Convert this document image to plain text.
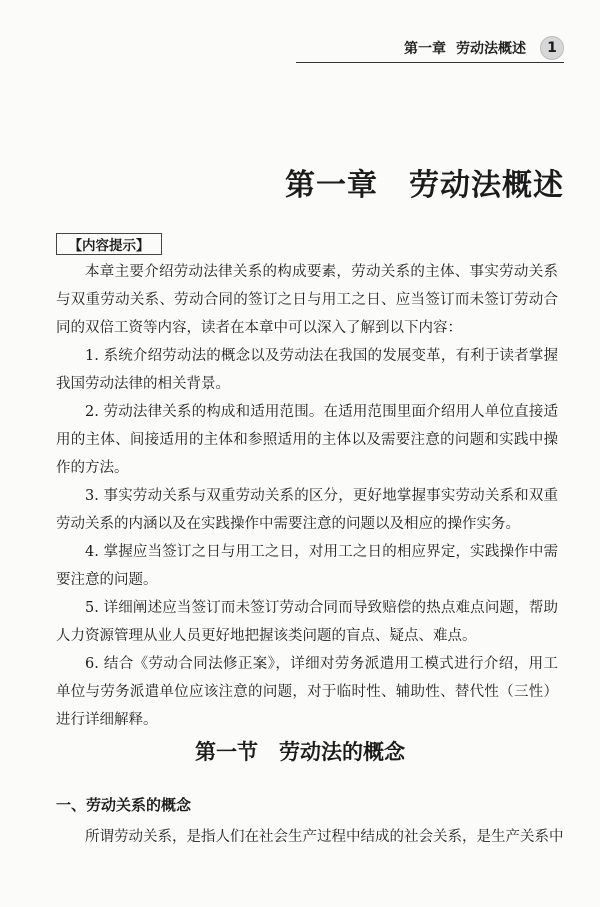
第一章 劳动法概述	1
第一章　劳动法概述
【内容提示】

本章主要介绍劳动法律关系的构成要素，劳动关系的主体、事实劳动关系与双重劳动关系、劳动合同的签订之日与用工之日、应当签订而未签订劳动合同的双倍工资等内容，读者在本章中可以深入了解到以下内容：

1. 系统介绍劳动法的概念以及劳动法在我国的发展变革，有利于读者掌握我国劳动法律的相关背景。

2. 劳动法律关系的构成和适用范围。在适用范围里面介绍用人单位直接适用的主体、间接适用的主体和参照适用的主体以及需要注意的问题和实践中操作的方法。

3. 事实劳动关系与双重劳动关系的区分，更好地掌握事实劳动关系和双重劳动关系的内涵以及在实践操作中需要注意的问题以及相应的操作实务。

4. 掌握应当签订之日与用工之日，对用工之日的相应界定，实践操作中需要注意的问题。

5. 详细阐述应当签订而未签订劳动合同而导致赔偿的热点难点问题，帮助人力资源管理从业人员更好地把握该类问题的盲点、疑点、难点。

6. 结合《劳动合同法修正案》，详细对劳务派遣用工模式进行介绍，用工单位与劳务派遣单位应该注意的问题，对于临时性、辅助性、替代性（三性）进行详细解释。

第一节　劳动法的概念
一、劳动关系的概念

所谓劳动关系，是指人们在社会生产过程中结成的社会关系，是生产关系中
